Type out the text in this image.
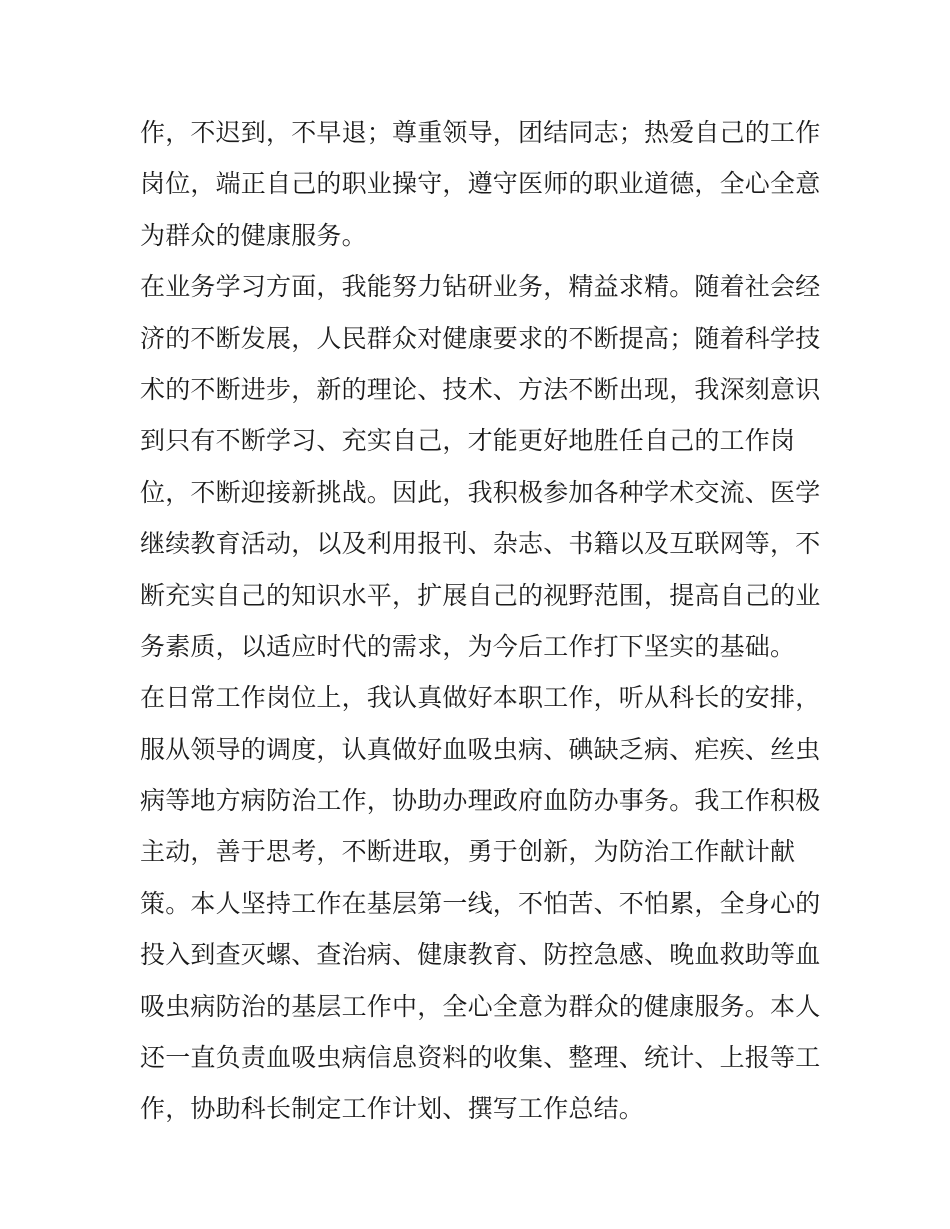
作，不迟到，不早退；尊重领导，团结同志；热爱自己的工作
岗位，端正自己的职业操守，遵守医师的职业道德，全心全意
为群众的健康服务。
在业务学习方面，我能努力钻研业务，精益求精。随着社会经
济的不断发展，人民群众对健康要求的不断提高；随着科学技
术的不断进步，新的理论、技术、方法不断出现，我深刻意识
到只有不断学习、充实自己，才能更好地胜任自己的工作岗
位，不断迎接新挑战。因此，我积极参加各种学术交流、医学
继续教育活动，以及利用报刊、杂志、书籍以及互联网等，不
断充实自己的知识水平，扩展自己的视野范围，提高自己的业
务素质，以适应时代的需求，为今后工作打下坚实的基础。
在日常工作岗位上，我认真做好本职工作，听从科长的安排，
服从领导的调度，认真做好血吸虫病、碘缺乏病、疟疾、丝虫
病等地方病防治工作，协助办理政府血防办事务。我工作积极
主动，善于思考，不断进取，勇于创新，为防治工作献计献
策。本人坚持工作在基层第一线，不怕苦、不怕累，全身心的
投入到查灭螺、查治病、健康教育、防控急感、晚血救助等血
吸虫病防治的基层工作中，全心全意为群众的健康服务。本人
还一直负责血吸虫病信息资料的收集、整理、统计、上报等工
作，协助科长制定工作计划、撰写工作总结。
